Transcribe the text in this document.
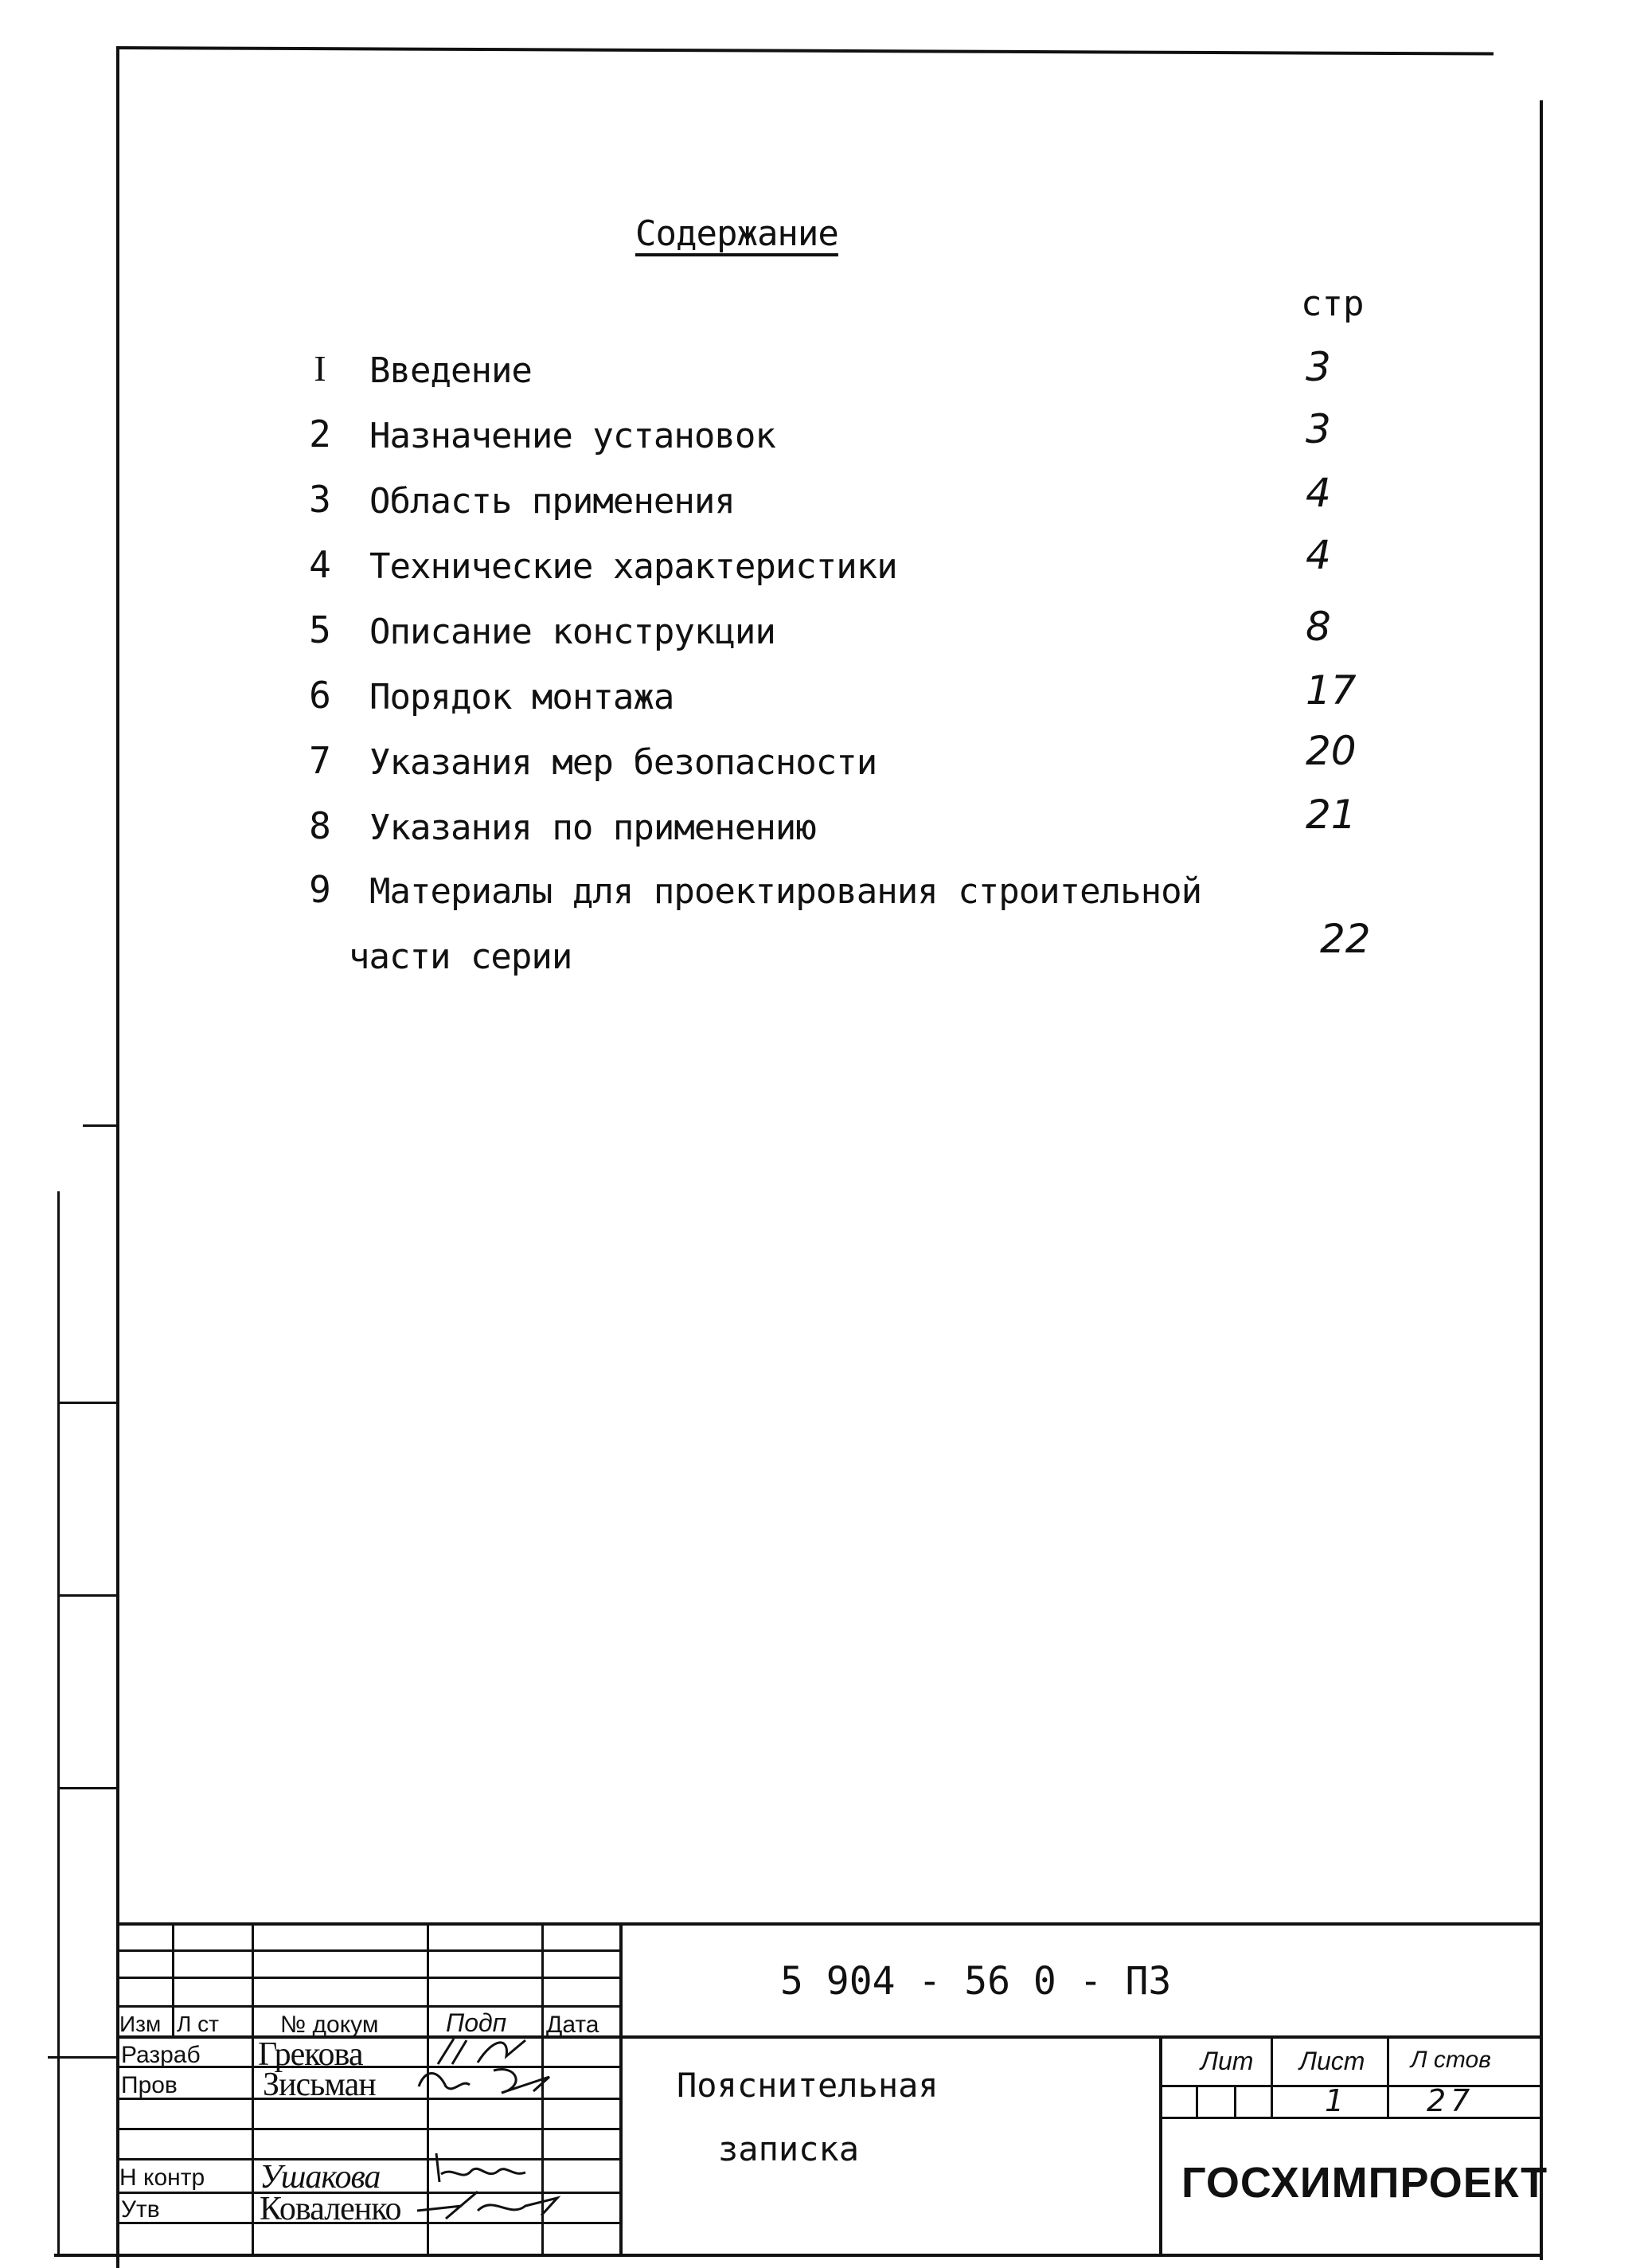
Содержание
стр
I Введение	3
2 Назначение установок	3
3 Область применения	4
4 Технические характеристики	4
5 Описание конструкции	8
6 Порядок монтажа	17
7 Указания мер безопасности	20
8 Указания по применению	21
9 Материалы для проектирования строительной
части серии	22
5 904 - 56 0 - ПЗ
Изм Л ст	№ докум	Подп Дата
Разраб Грекова
Пров	Зисьман
Н контр Ушакова
Утв	Коваленко
Пояснительная
записка
Лит Лист Л стов
1	27
ГОСХИМПРОЕКТ
